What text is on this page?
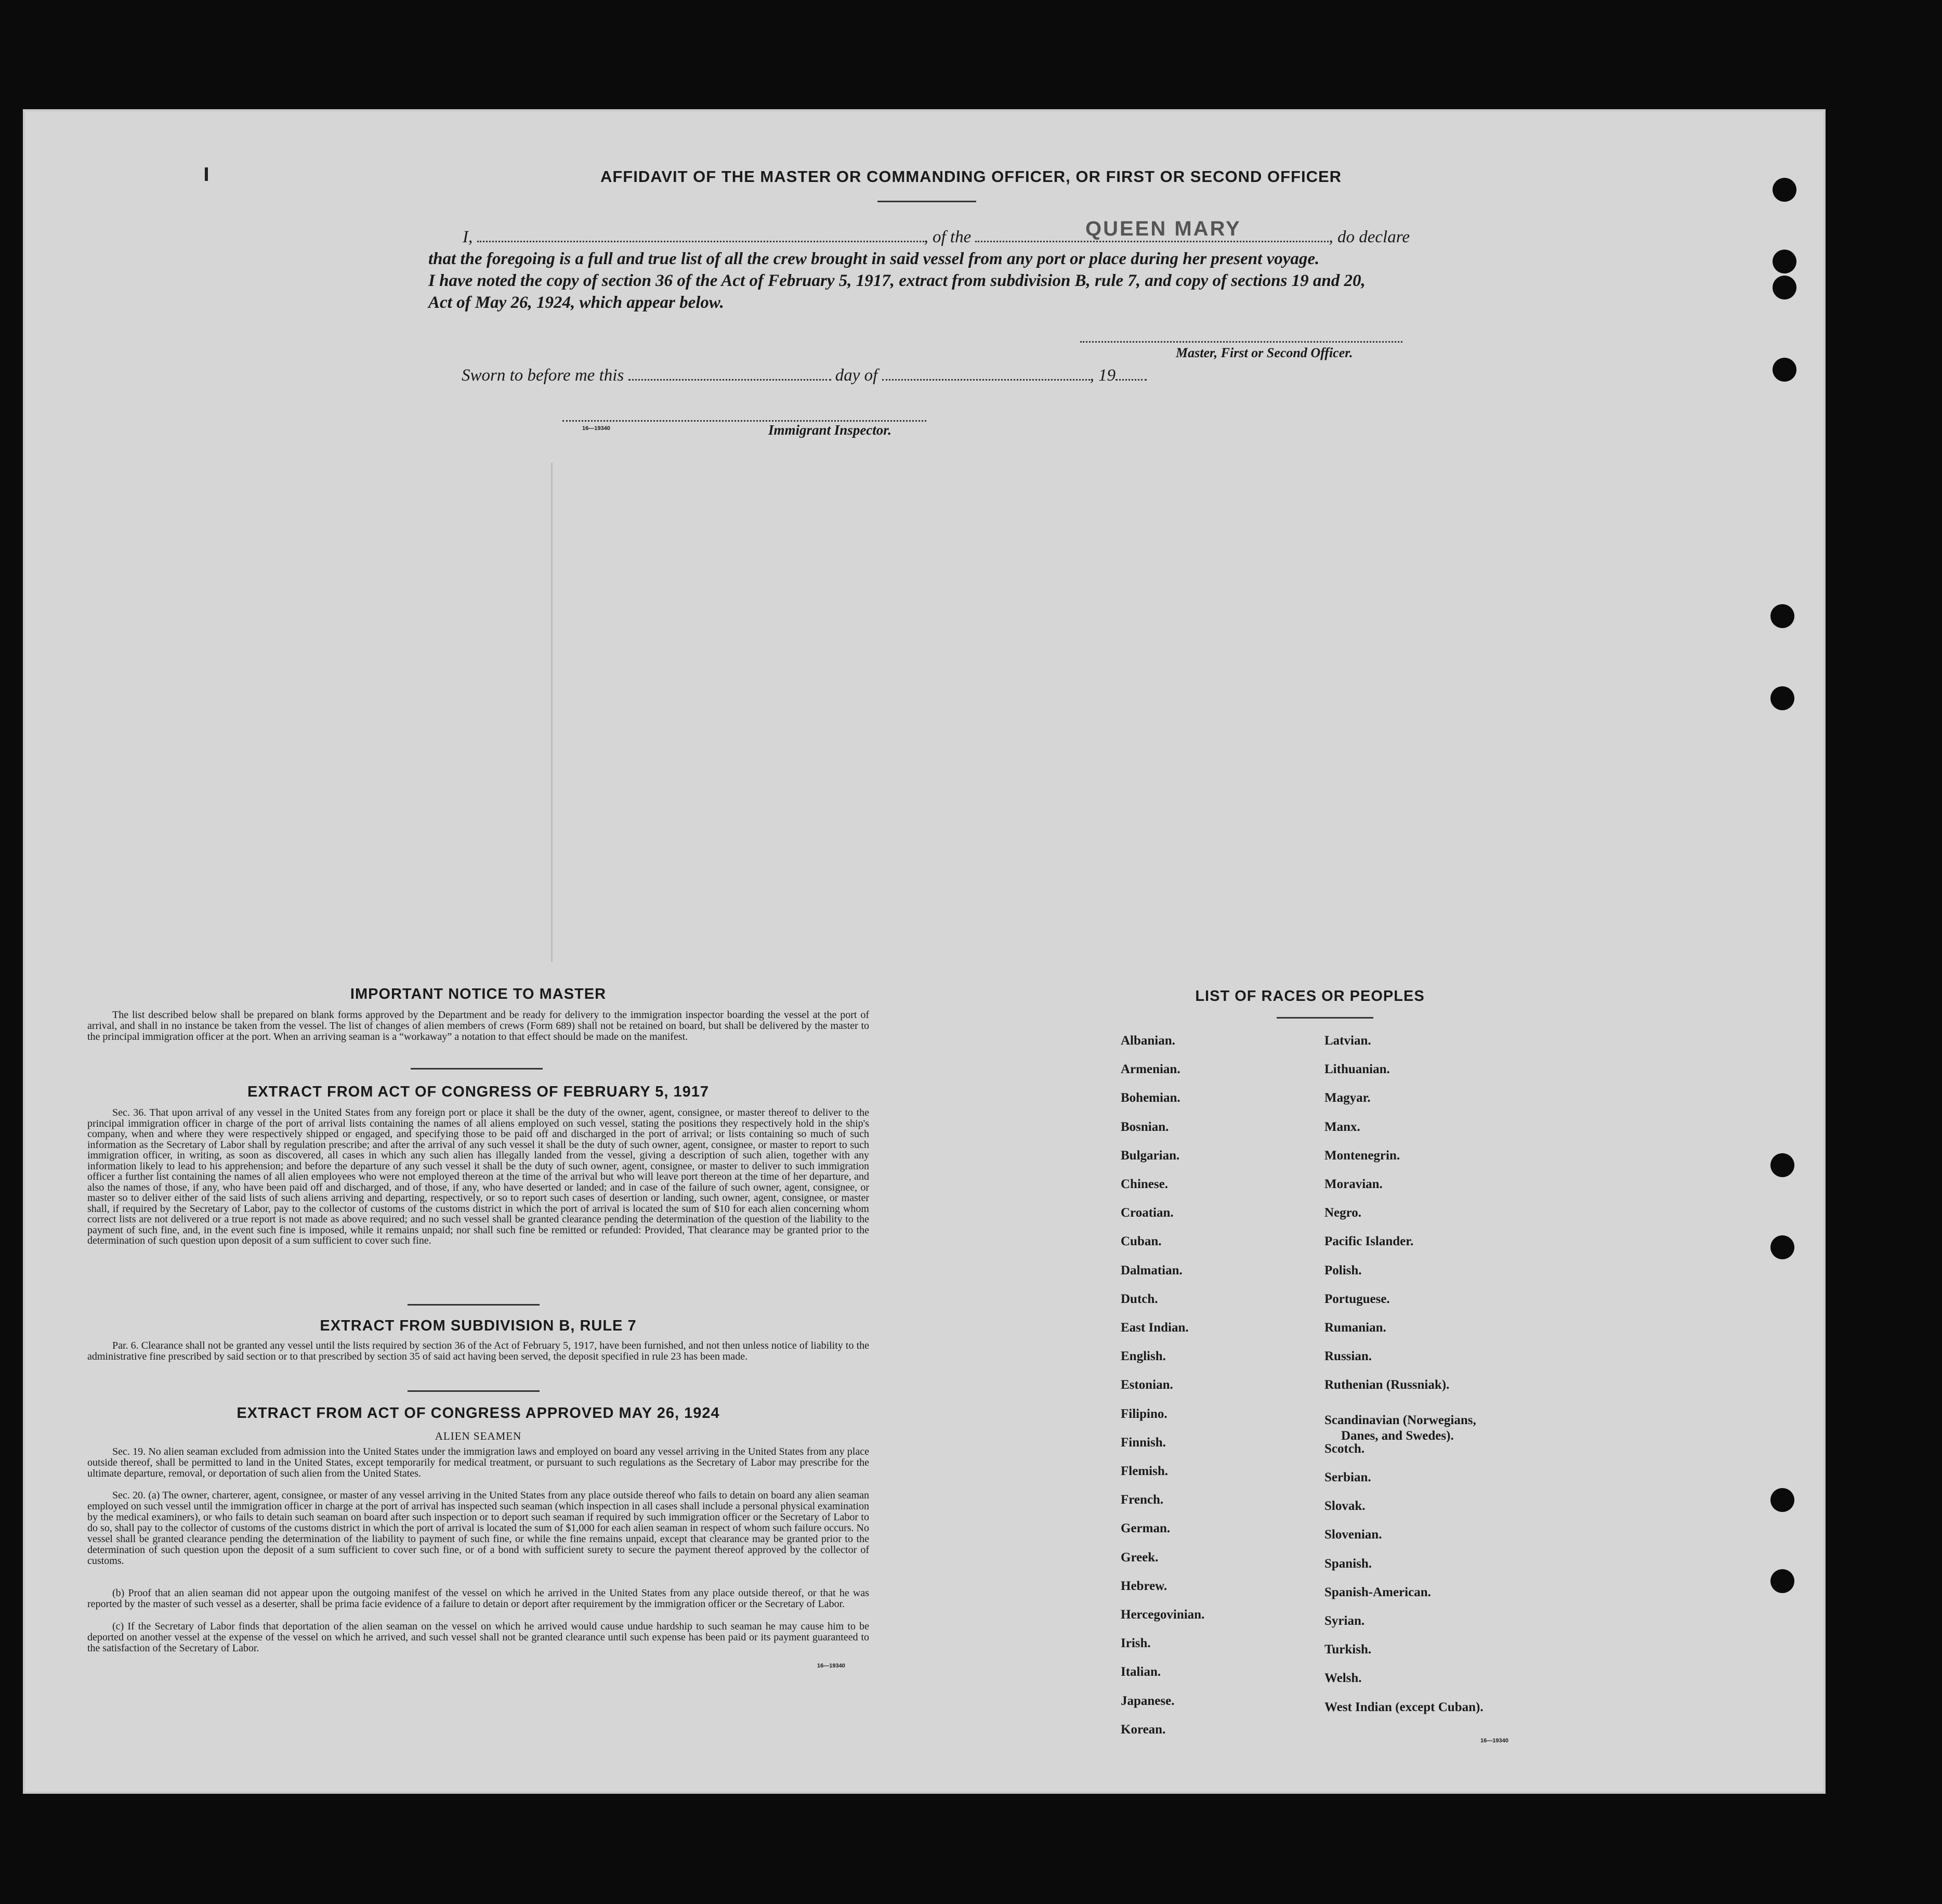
AFFIDAVIT OF THE MASTER OR COMMANDING OFFICER, OR FIRST OR SECOND OFFICER
I,	, of the	, do declare
QUEEN MARY
that the foregoing is a full and true list of all the crew brought in said vessel from any port or place during her present voyage.
I have noted the copy of section 36 of the Act of February 5, 1917, extract from subdivision B, rule 7, and copy of sections 19 and 20,
Act of May 26, 1924, which appear below.
Master, First or Second Officer.
Sworn to before me this	day of	, 19
16—19340	Immigrant Inspector.
IMPORTANT NOTICE TO MASTER
The list described below shall be prepared on blank forms approved by the Department and be ready for delivery to the immigration inspector boarding the vessel at the port of arrival, and shall in no instance be taken from the vessel. The list of changes of alien members of crews (Form 689) shall not be retained on board, but shall be delivered by the master to the principal immigration officer at the port. When an arriving seaman is a “workaway” a notation to that effect should be made on the manifest.
EXTRACT FROM ACT OF CONGRESS OF FEBRUARY 5, 1917
Sec. 36. That upon arrival of any vessel in the United States from any foreign port or place it shall be the duty of the owner, agent, consignee, or master thereof to deliver to the principal immigration officer in charge of the port of arrival lists containing the names of all aliens employed on such vessel, stating the positions they respectively hold in the ship's company, when and where they were respectively shipped or engaged, and specifying those to be paid off and discharged in the port of arrival; or lists containing so much of such information as the Secretary of Labor shall by regulation prescribe; and after the arrival of any such vessel it shall be the duty of such owner, agent, consignee, or master to report to such immigration officer, in writing, as soon as discovered, all cases in which any such alien has illegally landed from the vessel, giving a description of such alien, together with any information likely to lead to his apprehension; and before the departure of any such vessel it shall be the duty of such owner, agent, consignee, or master to deliver to such immigration officer a further list containing the names of all alien employees who were not employed thereon at the time of the arrival but who will leave port thereon at the time of her departure, and also the names of those, if any, who have been paid off and discharged, and of those, if any, who have deserted or landed; and in case of the failure of such owner, agent, consignee, or master so to deliver either of the said lists of such aliens arriving and departing, respectively, or so to report such cases of desertion or landing, such owner, agent, consignee, or master shall, if required by the Secretary of Labor, pay to the collector of customs of the customs district in which the port of arrival is located the sum of $10 for each alien concerning whom correct lists are not delivered or a true report is not made as above required; and no such vessel shall be granted clearance pending the determination of the question of the liability to the payment of such fine, and, in the event such fine is imposed, while it remains unpaid; nor shall such fine be remitted or refunded: Provided, That clearance may be granted prior to the determination of such question upon deposit of a sum sufficient to cover such fine.
EXTRACT FROM SUBDIVISION B, RULE 7
Par. 6. Clearance shall not be granted any vessel until the lists required by section 36 of the Act of February 5, 1917, have been furnished, and not then unless notice of liability to the administrative fine prescribed by said section or to that prescribed by section 35 of said act having been served, the deposit specified in rule 23 has been made.
EXTRACT FROM ACT OF CONGRESS APPROVED MAY 26, 1924
ALIEN SEAMEN
Sec. 19. No alien seaman excluded from admission into the United States under the immigration laws and employed on board any vessel arriving in the United States from any place outside thereof, shall be permitted to land in the United States, except temporarily for medical treatment, or pursuant to such regulations as the Secretary of Labor may prescribe for the ultimate departure, removal, or deportation of such alien from the United States.
Sec. 20. (a) The owner, charterer, agent, consignee, or master of any vessel arriving in the United States from any place outside thereof who fails to detain on board any alien seaman employed on such vessel until the immigration officer in charge at the port of arrival has inspected such seaman (which inspection in all cases shall include a personal physical examination by the medical examiners), or who fails to detain such seaman on board after such inspection or to deport such seaman if required by such immigration officer or the Secretary of Labor to do so, shall pay to the collector of customs of the customs district in which the port of arrival is located the sum of $1,000 for each alien seaman in respect of whom such failure occurs. No vessel shall be granted clearance pending the determination of the liability to payment of such fine, or while the fine remains unpaid, except that clearance may be granted prior to the determination of such question upon the deposit of a sum sufficient to cover such fine, or of a bond with sufficient surety to secure the payment thereof approved by the collector of customs.
(b) Proof that an alien seaman did not appear upon the outgoing manifest of the vessel on which he arrived in the United States from any place outside thereof, or that he was reported by the master of such vessel as a deserter, shall be prima facie evidence of a failure to detain or deport after requirement by the immigration officer or the Secretary of Labor.
(c) If the Secretary of Labor finds that deportation of the alien seaman on the vessel on which he arrived would cause undue hardship to such seaman he may cause him to be deported on another vessel at the expense of the vessel on which he arrived, and such vessel shall not be granted clearance until such expense has been paid or its payment guaranteed to the satisfaction of the Secretary of Labor.
16—19340
LIST OF RACES OR PEOPLES
Albanian.
Armenian.
Bohemian.
Bosnian.
Bulgarian.
Chinese.
Croatian.
Cuban.
Dalmatian.
Dutch.
East Indian.
English.
Estonian.
Filipino.
Finnish.
Flemish.
French.
German.
Greek.
Hebrew.
Hercegovinian.
Irish.
Italian.
Japanese.
Korean.
Latvian.
Lithuanian.
Magyar.
Manx.
Montenegrin.
Moravian.
Negro.
Pacific Islander.
Polish.
Portuguese.
Rumanian.
Russian.
Ruthenian (Russniak).
Scandinavian (Norwegians,
Danes, and Swedes).
Scotch.
Serbian.
Slovak.
Slovenian.
Spanish.
Spanish-American.
Syrian.
Turkish.
Welsh.
West Indian (except Cuban).
16—19340
